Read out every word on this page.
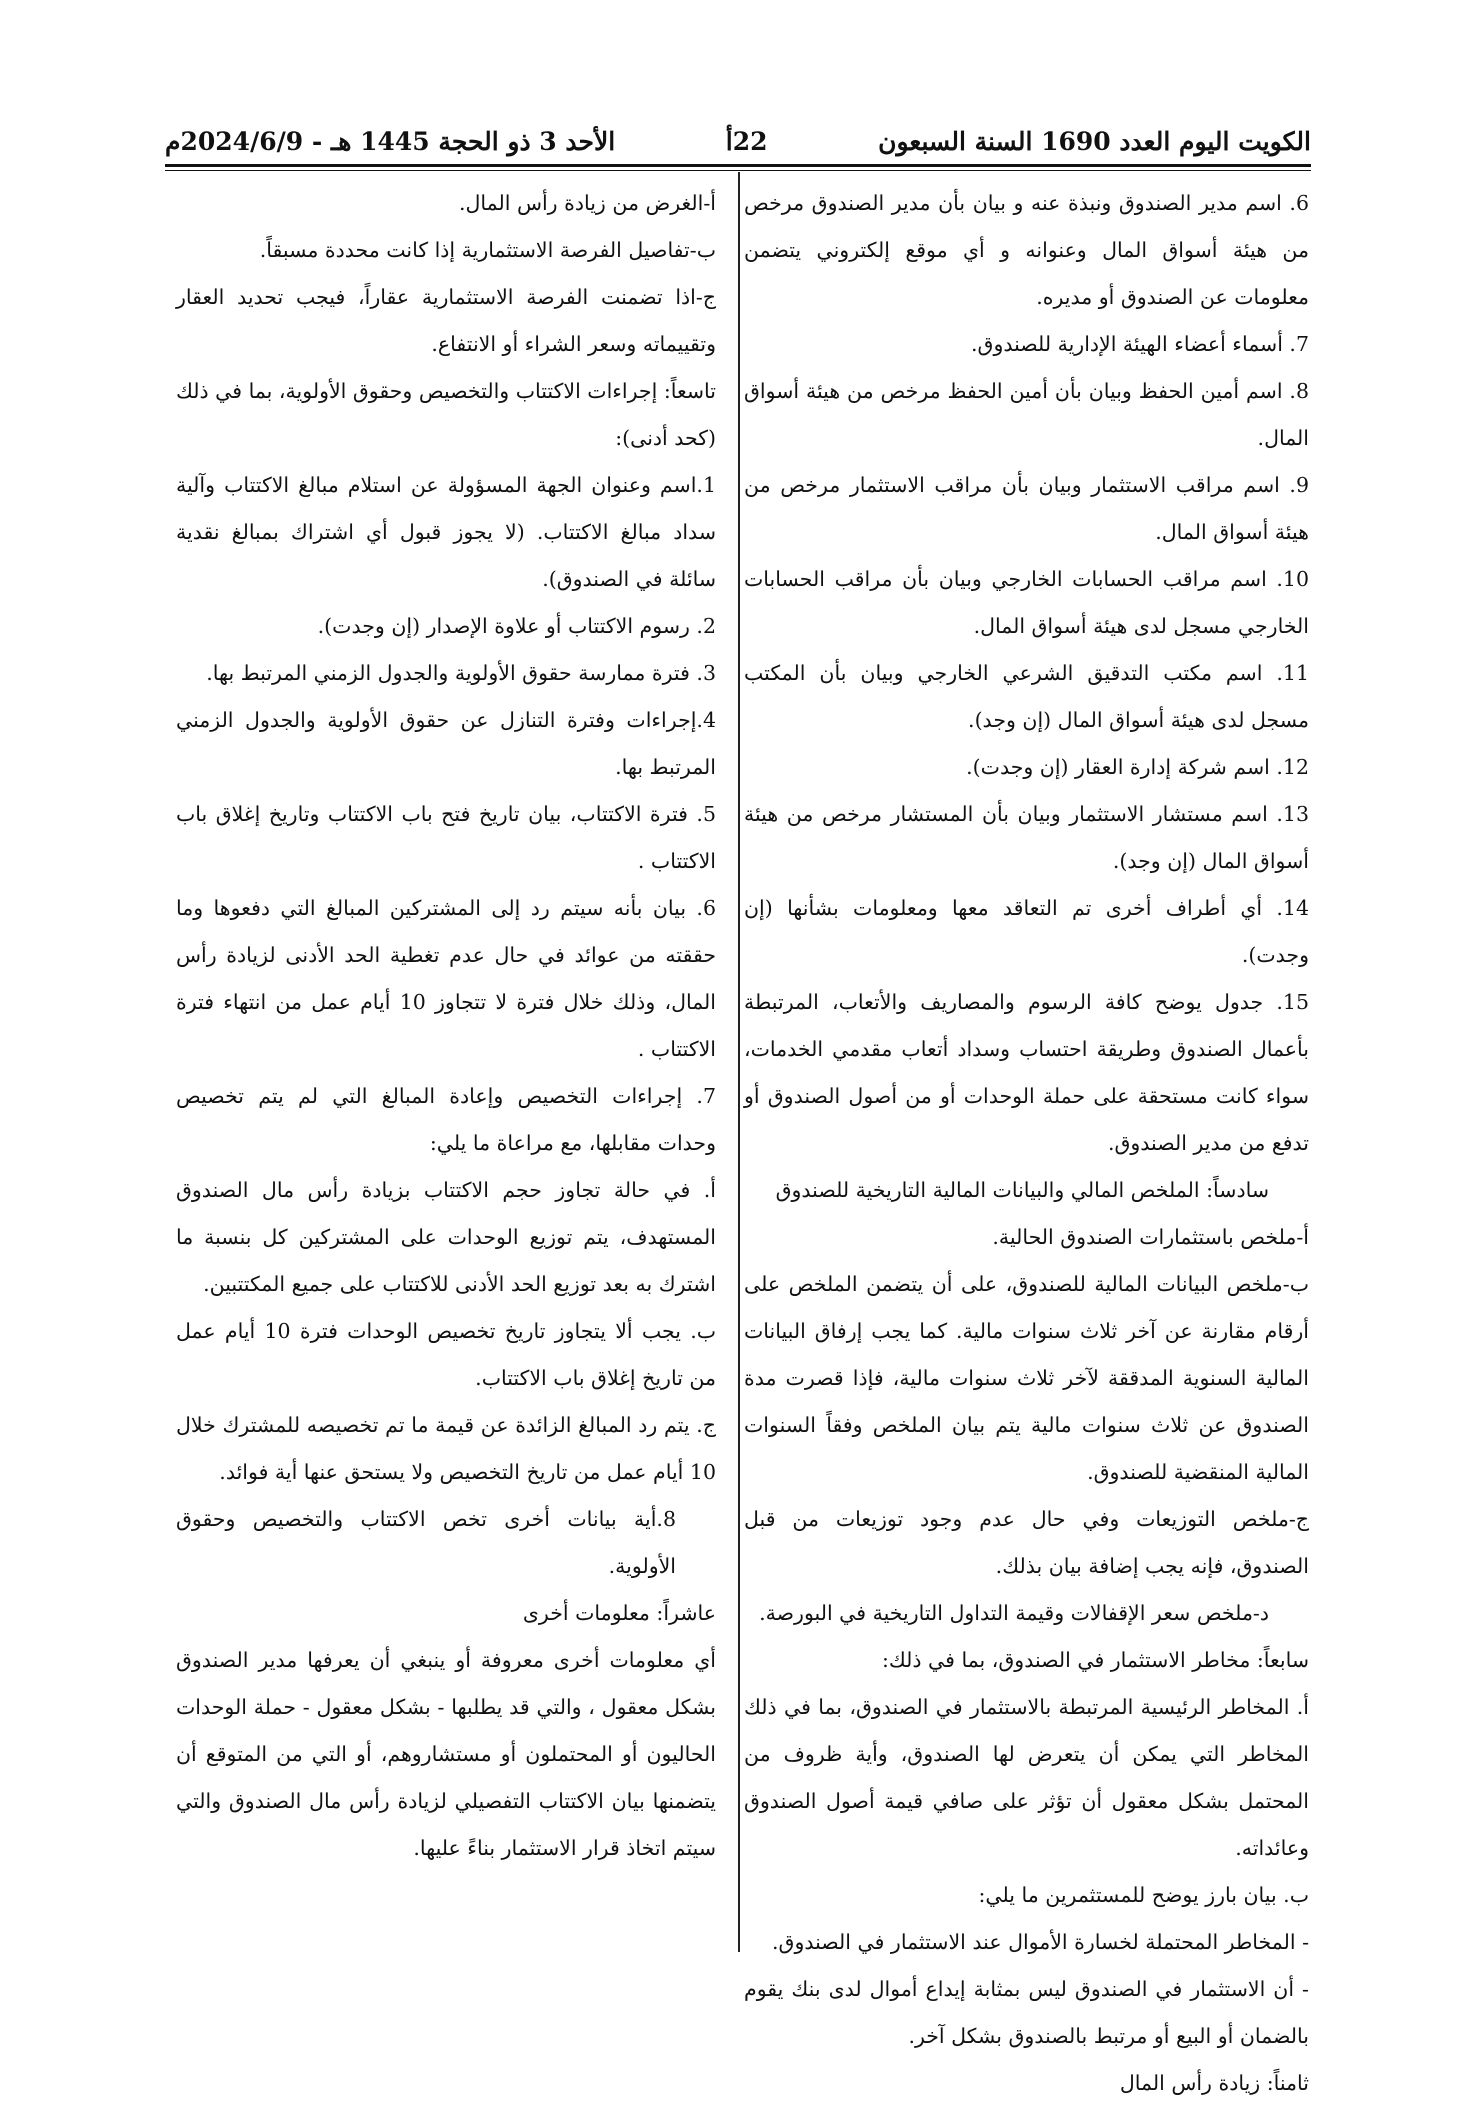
الأحد 3 ذو الحجة 1445 هـ - 2024/6/9م	22أ	الكويت اليوم العدد 1690 السنة السبعون

6. اسم مدير الصندوق ونبذة عنه و بيان بأن مدير الصندوق مرخص من هيئة أسواق المال وعنوانه و أي موقع إلكتروني يتضمن معلومات عن الصندوق أو مديره.

7. أسماء أعضاء الهيئة الإدارية للصندوق.

8. اسم أمين الحفظ وبيان بأن أمين الحفظ مرخص من هيئة أسواق المال.

9. اسم مراقب الاستثمار وبيان بأن مراقب الاستثمار مرخص من هيئة أسواق المال.

10. اسم مراقب الحسابات الخارجي وبيان بأن مراقب الحسابات الخارجي مسجل لدى هيئة أسواق المال.

11. اسم مكتب التدقيق الشرعي الخارجي وبيان بأن المكتب مسجل لدى هيئة أسواق المال (إن وجد).

12. اسم شركة إدارة العقار (إن وجدت).

13. اسم مستشار الاستثمار وبيان بأن المستشار مرخص من هيئة أسواق المال (إن وجد).

14. أي أطراف أخرى تم التعاقد معها ومعلومات بشأنها (إن وجدت).

15. جدول يوضح كافة الرسوم والمصاريف والأتعاب، المرتبطة بأعمال الصندوق وطريقة احتساب وسداد أتعاب مقدمي الخدمات، سواء كانت مستحقة على حملة الوحدات أو من أصول الصندوق أو تدفع من مدير الصندوق.

سادساً: الملخص المالي والبيانات المالية التاريخية للصندوق

أ-ملخص باستثمارات الصندوق الحالية.

ب-ملخص البيانات المالية للصندوق، على أن يتضمن الملخص على أرقام مقارنة عن آخر ثلاث سنوات مالية. كما يجب إرفاق البيانات المالية السنوية المدققة لآخر ثلاث سنوات مالية، فإذا قصرت مدة الصندوق عن ثلاث سنوات مالية يتم بيان الملخص وفقاً السنوات المالية المنقضية للصندوق.

ج-ملخص التوزيعات وفي حال عدم وجود توزيعات من قبل الصندوق، فإنه يجب إضافة بيان بذلك.

د-ملخص سعر الإقفالات وقيمة التداول التاريخية في البورصة.

سابعاً: مخاطر الاستثمار في الصندوق، بما في ذلك:

أ. المخاطر الرئيسية المرتبطة بالاستثمار في الصندوق، بما في ذلك المخاطر التي يمكن أن يتعرض لها الصندوق، وأية ظروف من المحتمل بشكل معقول أن تؤثر على صافي قيمة أصول الصندوق وعائداته.

ب. بيان بارز يوضح للمستثمرين ما يلي:

- المخاطر المحتملة لخسارة الأموال عند الاستثمار في الصندوق.

- أن الاستثمار في الصندوق ليس بمثابة إيداع أموال لدى بنك يقوم بالضمان أو البيع أو مرتبط بالصندوق بشكل آخر.

ثامناً: زيادة رأس المال

أ-الغرض من زيادة رأس المال.

ب-تفاصيل الفرصة الاستثمارية إذا كانت محددة مسبقاً.

ج-اذا تضمنت الفرصة الاستثمارية عقاراً، فيجب تحديد العقار وتقييماته وسعر الشراء أو الانتفاع.

تاسعاً: إجراءات الاكتتاب والتخصيص وحقوق الأولوية، بما في ذلك (كحد أدنى):

1.اسم وعنوان الجهة المسؤولة عن استلام مبالغ الاكتتاب وآلية سداد مبالغ الاكتتاب. (لا يجوز قبول أي اشتراك بمبالغ نقدية سائلة في الصندوق).

2. رسوم الاكتتاب أو علاوة الإصدار (إن وجدت).

3. فترة ممارسة حقوق الأولوية والجدول الزمني المرتبط بها.

4.إجراءات وفترة التنازل عن حقوق الأولوية والجدول الزمني المرتبط بها.

5. فترة الاكتتاب، بيان تاريخ فتح باب الاكتتاب وتاريخ إغلاق باب الاكتتاب .

6. بيان بأنه سيتم رد إلى المشتركين المبالغ التي دفعوها وما حققته من عوائد في حال عدم تغطية الحد الأدنى لزيادة رأس المال، وذلك خلال فترة لا تتجاوز 10 أيام عمل من انتهاء فترة الاكتتاب .

7. إجراءات التخصيص وإعادة المبالغ التي لم يتم تخصيص وحدات مقابلها، مع مراعاة ما يلي:

أ. في حالة تجاوز حجم الاكتتاب بزيادة رأس مال الصندوق المستهدف، يتم توزيع الوحدات على المشتركين كل بنسبة ما اشترك به بعد توزيع الحد الأدنى للاكتتاب على جميع المكتتبين.

ب. يجب ألا يتجاوز تاريخ تخصيص الوحدات فترة 10 أيام عمل من تاريخ إغلاق باب الاكتتاب.

ج. يتم رد المبالغ الزائدة عن قيمة ما تم تخصيصه للمشترك خلال 10 أيام عمل من تاريخ التخصيص ولا يستحق عنها أية فوائد.

8.أية بيانات أخرى تخص الاكتتاب والتخصيص وحقوق الأولوية.

عاشراً: معلومات أخرى

أي معلومات أخرى معروفة أو ينبغي أن يعرفها مدير الصندوق بشكل معقول ، والتي قد يطلبها - بشكل معقول - حملة الوحدات الحاليون أو المحتملون أو مستشاروهم، أو التي من المتوقع أن يتضمنها بيان الاكتتاب التفصيلي لزيادة رأس مال الصندوق والتي سيتم اتخاذ قرار الاستثمار بناءً عليها.
